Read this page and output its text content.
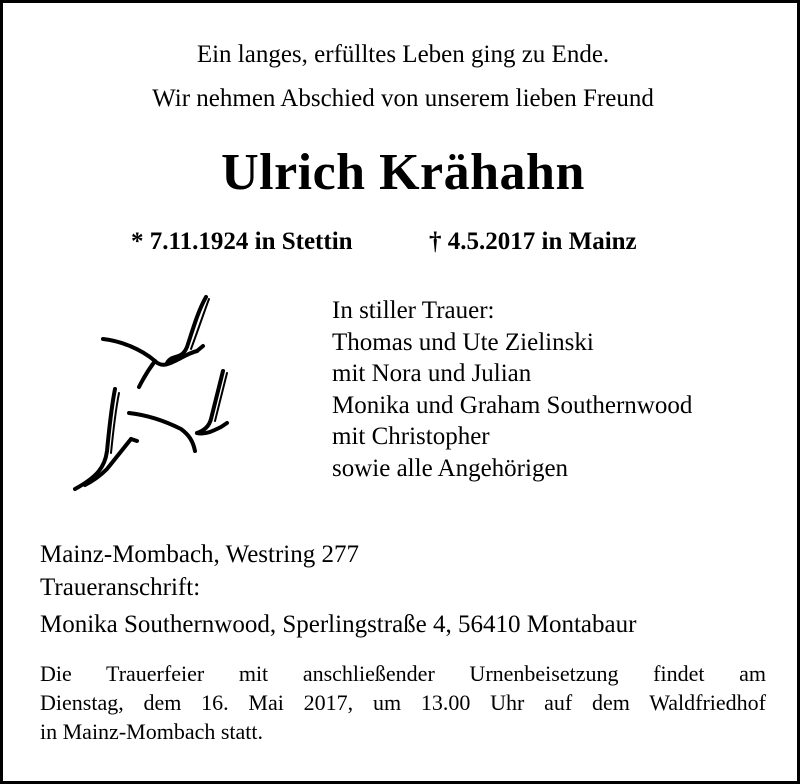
Ein langes, erfülltes Leben ging zu Ende.
Wir nehmen Abschied von unserem lieben Freund
Ulrich Krähahn
* 7.11.1924 in Stettin	† 4.5.2017 in Mainz
In stiller Trauer:
Thomas und Ute Zielinski
mit Nora und Julian
Monika und Graham Southernwood
mit Christopher
sowie alle Angehörigen
Mainz-Mombach, Westring 277
Traueranschrift:
Monika Southernwood, Sperlingstraße 4, 56410 Montabaur
Die Trauerfeier mit anschließender Urnenbeisetzung findet am
Dienstag, dem 16. Mai 2017, um 13.00 Uhr auf dem Waldfriedhof
in Mainz-Mombach statt.
